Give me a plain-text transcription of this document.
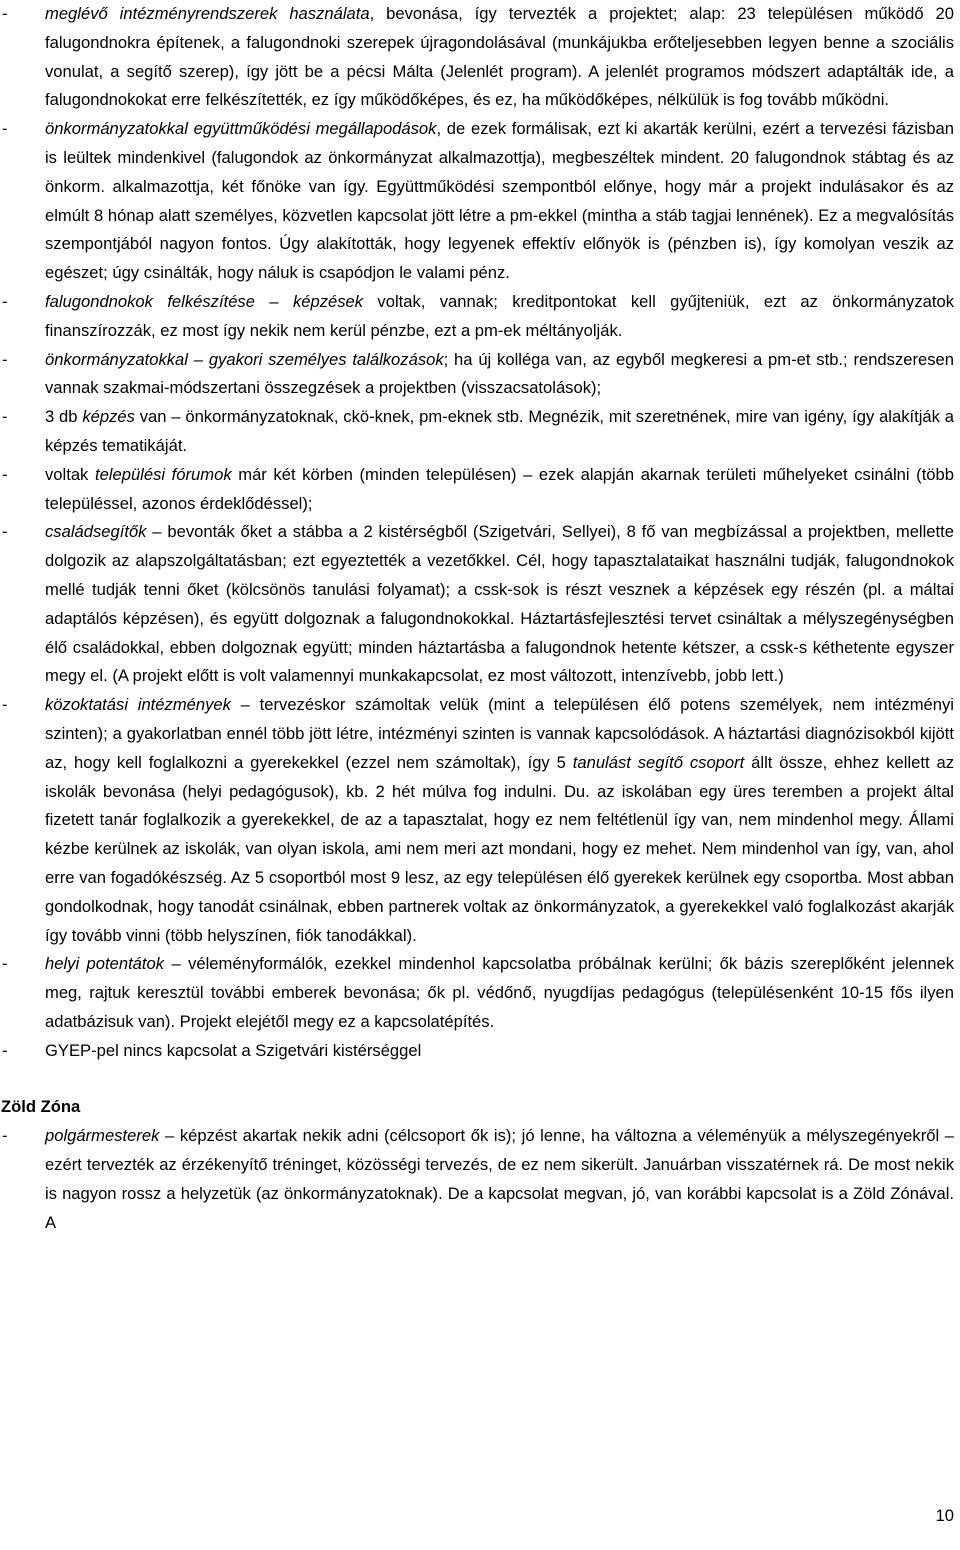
-	meglévő intézményrendszerek használata, bevonása, így tervezték a projektet; alap: 23 településen működő 20 falugondnokra építenek, a falugondnoki szerepek újragondolásával (munkájukba erőteljesebben legyen benne a szociális vonulat, a segítő szerep), így jött be a pécsi Málta (Jelenlét program). A jelenlét programos módszert adaptálták ide, a falugondnokokat erre felkészítették, ez így működőképes, és ez, ha működőképes, nélkülük is fog tovább működni.
-	önkormányzatokkal együttműködési megállapodások, de ezek formálisak, ezt ki akarták kerülni, ezért a tervezési fázisban is leültek mindenkivel (falugondok az önkormányzat alkalmazottja), megbeszéltek mindent. 20 falugondnok stábtag és az önkorm. alkalmazottja, két főnöke van így. Együttműködési szempontból előnye, hogy már a projekt indulásakor és az elmúlt 8 hónap alatt személyes, közvetlen kapcsolat jött létre a pm-ekkel (mintha a stáb tagjai lennének). Ez a megvalósítás szempontjából nagyon fontos. Úgy alakították, hogy legyenek effektív előnyök is (pénzben is), így komolyan veszik az egészet; úgy csinálták, hogy náluk is csapódjon le valami pénz.
-	falugondnokok felkészítése – képzések voltak, vannak; kreditpontokat kell gyűjteniük, ezt az önkormányzatok finanszírozzák, ez most így nekik nem kerül pénzbe, ezt a pm-ek méltányolják.
-	önkormányzatokkal – gyakori személyes találkozások; ha új kolléga van, az egyből megkeresi a pm-et stb.; rendszeresen vannak szakmai-módszertani összegzések a projektben (visszacsatolások);
-	3 db képzés van – önkormányzatoknak, ckö-knek, pm-eknek stb. Megnézik, mit szeretnének, mire van igény, így alakítják a képzés tematikáját.
-	voltak települési fórumok már két körben (minden településen) – ezek alapján akarnak területi műhelyeket csinálni (több településsel, azonos érdeklődéssel);
-	családsegítők – bevonták őket a stábba a 2 kistérségből (Szigetvári, Sellyei), 8 fő van megbízással a projektben, mellette dolgozik az alapszolgáltatásban; ezt egyeztették a vezetőkkel. Cél, hogy tapasztalataikat használni tudják, falugondnokok mellé tudják tenni őket (kölcsönös tanulási folyamat); a cssk-sok is részt vesznek a képzések egy részén (pl. a máltai adaptálós képzésen), és együtt dolgoznak a falugondnokokkal. Háztartásfejlesztési tervet csináltak a mélyszegénységben élő családokkal, ebben dolgoznak együtt; minden háztartásba a falugondnok hetente kétszer, a cssk-s kéthetente egyszer megy el. (A projekt előtt is volt valamennyi munkakapcsolat, ez most változott, intenzívebb, jobb lett.)
-	közoktatási intézmények – tervezéskor számoltak velük (mint a településen élő potens személyek, nem intézményi szinten); a gyakorlatban ennél több jött létre, intézményi szinten is vannak kapcsolódások. A háztartási diagnózisokból kijött az, hogy kell foglalkozni a gyerekekkel (ezzel nem számoltak), így 5 tanulást segítő csoport állt össze, ehhez kellett az iskolák bevonása (helyi pedagógusok), kb. 2 hét múlva fog indulni. Du. az iskolában egy üres teremben a projekt által fizetett tanár foglalkozik a gyerekekkel, de az a tapasztalat, hogy ez nem feltétlenül így van, nem mindenhol megy. Állami kézbe kerülnek az iskolák, van olyan iskola, ami nem meri azt mondani, hogy ez mehet. Nem mindenhol van így, van, ahol erre van fogadókészség. Az 5 csoportból most 9 lesz, az egy településen élő gyerekek kerülnek egy csoportba. Most abban gondolkodnak, hogy tanodát csinálnak, ebben partnerek voltak az önkormányzatok, a gyerekekkel való foglalkozást akarják így tovább vinni (több helyszínen, fiók tanodákkal).
-	helyi potentátok – véleményformálók, ezekkel mindenhol kapcsolatba próbálnak kerülni; ők bázis szereplőként jelennek meg, rajtuk keresztül további emberek bevonása; ők pl. védőnő, nyugdíjas pedagógus (településenként 10-15 fős ilyen adatbázisuk van). Projekt elejétől megy ez a kapcsolatépítés.
-	GYEP-pel nincs kapcsolat a Szigetvári kistérséggel
Zöld Zóna
-	polgármesterek – képzést akartak nekik adni (célcsoport ők is); jó lenne, ha változna a véleményük a mélyszegényekről – ezért tervezték az érzékenyítő tréninget, közösségi tervezés, de ez nem sikerült. Januárban visszatérnek rá. De most nekik is nagyon rossz a helyzetük (az önkormányzatoknak). De a kapcsolat megvan, jó, van korábbi kapcsolat is a Zöld Zónával. A
10
